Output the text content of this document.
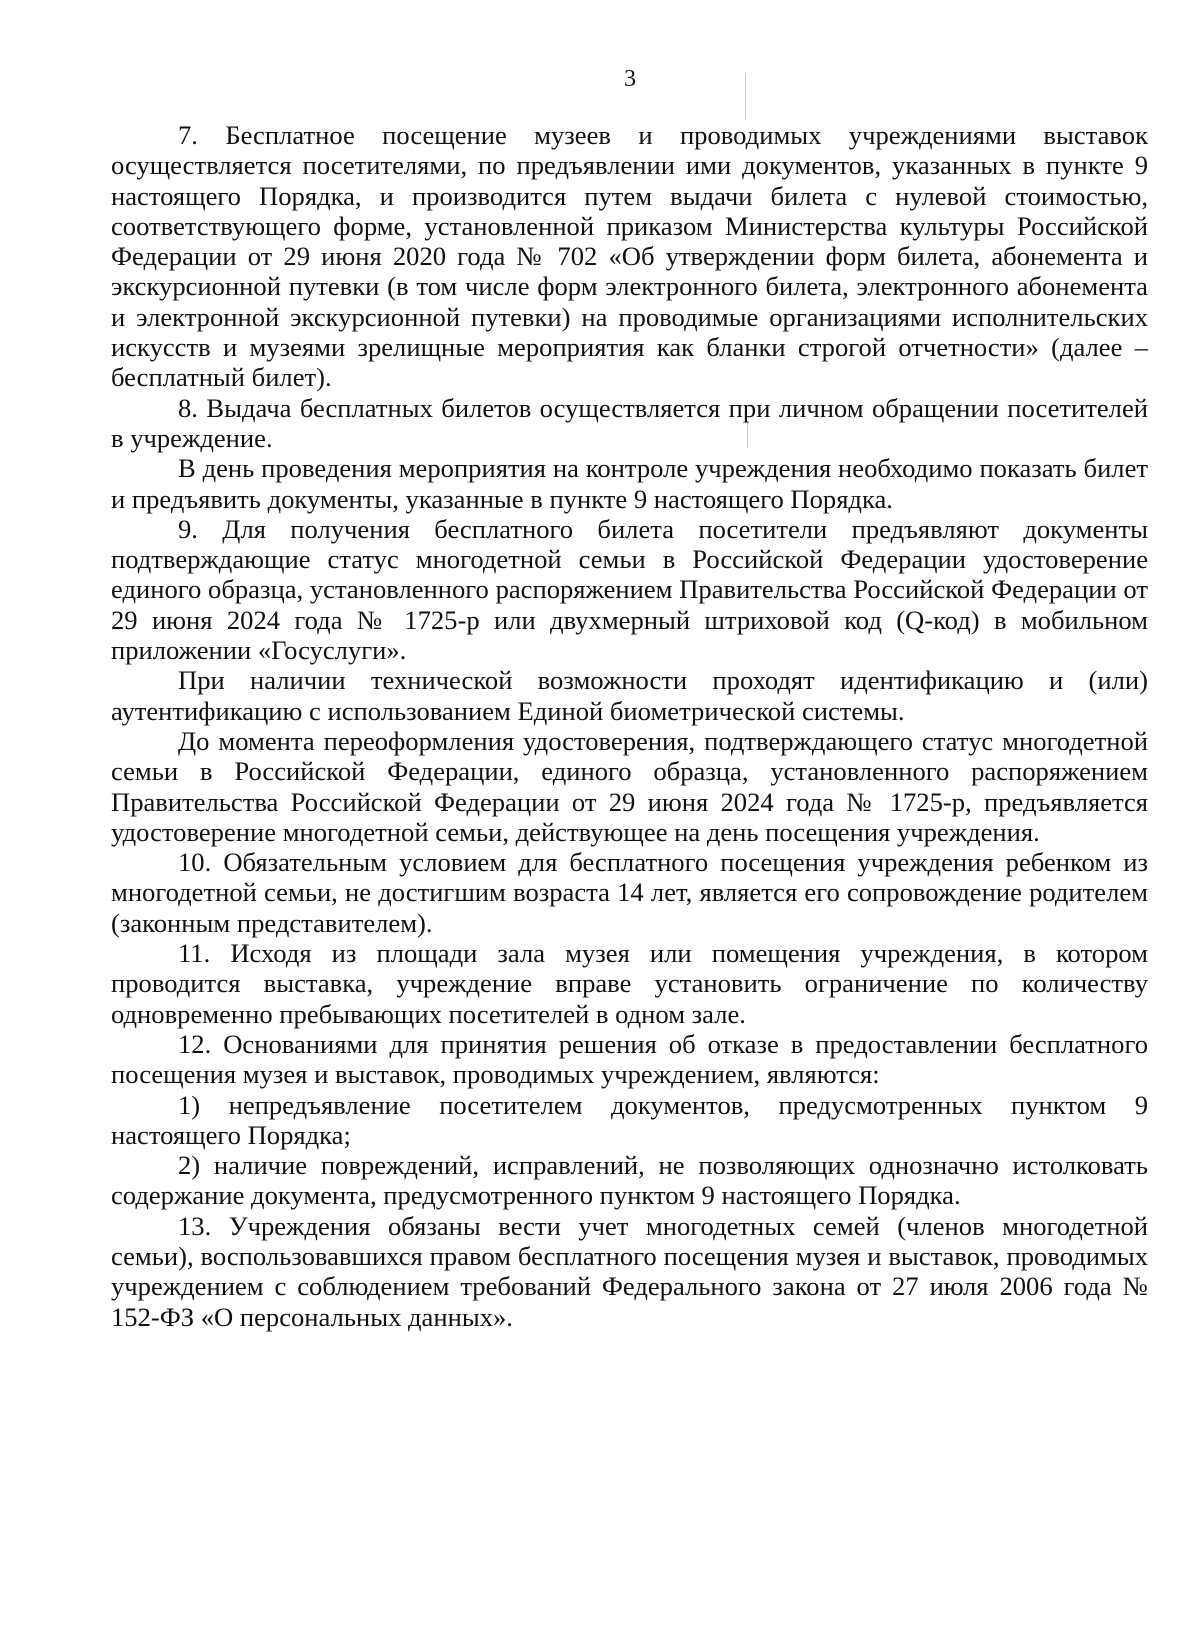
3

7. Бесплатное посещение музеев и проводимых учреждениями выставок осуществляется посетителями, по предъявлении ими документов, указанных в пункте 9 настоящего Порядка, и производится путем выдачи билета с нулевой стоимостью, соответствующего форме, установленной приказом Министерства культуры Российской Федерации от 29 июня 2020 года № 702 «Об утверждении форм билета, абонемента и экскурсионной путевки (в том числе форм электронного билета, электронного абонемента и электронной экскурсионной путевки) на проводимые организациями исполнительских искусств и музеями зрелищные мероприятия как бланки строгой отчетности» (далее – бесплатный билет).

8. Выдача бесплатных билетов осуществляется при личном обращении посетителей в учреждение.

В день проведения мероприятия на контроле учреждения необходимо показать билет и предъявить документы, указанные в пункте 9 настоящего Порядка.

9. Для получения бесплатного билета посетители предъявляют документы подтверждающие статус многодетной семьи в Российской Федерации удостоверение единого образца, установленного распоряжением Правительства Российской Федерации от 29 июня 2024 года № 1725-р или двухмерный штриховой код (Q-код) в мобильном приложении «Госуслуги».

При наличии технической возможности проходят идентификацию и (или) аутентификацию с использованием Единой биометрической системы.

До момента переоформления удостоверения, подтверждающего статус многодетной семьи в Российской Федерации, единого образца, установленного распоряжением Правительства Российской Федерации от 29 июня 2024 года № 1725-р, предъявляется удостоверение многодетной семьи, действующее на день посещения учреждения.

10. Обязательным условием для бесплатного посещения учреждения ребенком из многодетной семьи, не достигшим возраста 14 лет, является его сопровождение родителем (законным представителем).

11. Исходя из площади зала музея или помещения учреждения, в котором проводится выставка, учреждение вправе установить ограничение по количеству одновременно пребывающих посетителей в одном зале.

12. Основаниями для принятия решения об отказе в предоставлении бесплатного посещения музея и выставок, проводимых учреждением, являются:

1) непредъявление посетителем документов, предусмотренных пунктом 9 настоящего Порядка;

2) наличие повреждений, исправлений, не позволяющих однозначно истолковать содержание документа, предусмотренного пунктом 9 настоящего Порядка.

13. Учреждения обязаны вести учет многодетных семей (членов многодетной семьи), воспользовавшихся правом бесплатного посещения музея и выставок, проводимых учреждением с соблюдением требований Федерального закона от 27 июля 2006 года № 152-ФЗ «О персональных данных».
